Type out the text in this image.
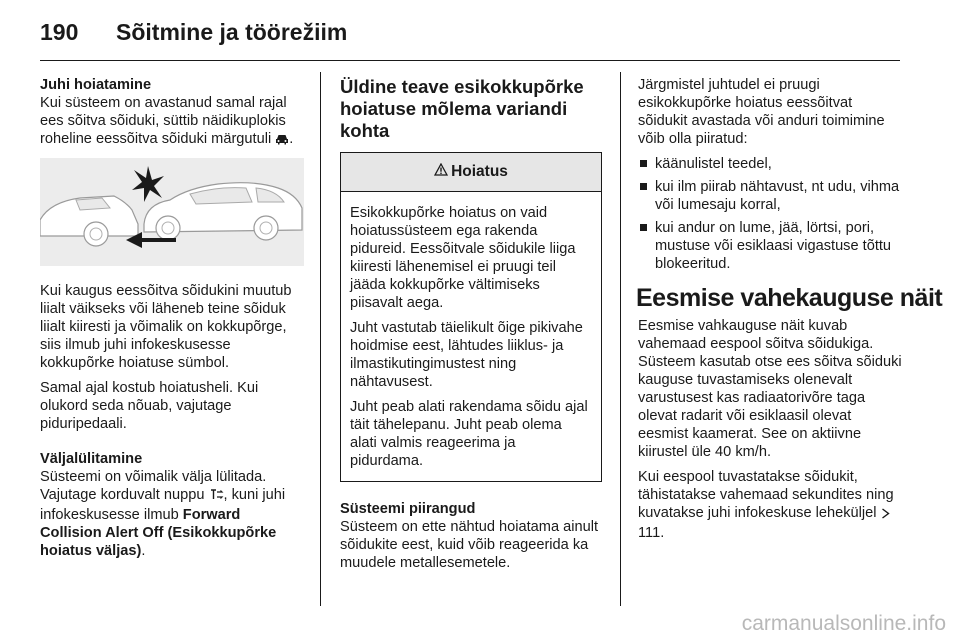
190	Sõitmine ja töörežiim

Juhi hoiatamine

Kui süsteem on avastanud samal rajal ees sõitva sõiduki, süttib näidikuplokis roheline eessõitva sõiduki märgutuli .

Kui kaugus eessõitva sõidukini muutub liialt väikseks või läheneb teine sõiduk liialt kiiresti ja võimalik on kokkupõrge, siis ilmub juhi infokeskusesse kokkupõrke hoiatuse sümbol.

Samal ajal kostub hoiatusheli. Kui olukord seda nõuab, vajutage piduripedaali.

Väljalülitamine

Süsteemi on võimalik välja lülitada. Vajutage korduvalt nuppu , kuni juhi infokeskusesse ilmub Forward Collision Alert Off (Esikokkupõrke hoiatus väljas).

Üldine teave esikokkupõrke hoiatuse mõlema variandi kohta
Hoiatus

Esikokkupõrke hoiatus on vaid hoiatussüsteem ega rakenda pidureid. Eessõitvale sõidukile liiga kiiresti lähenemisel ei pruugi teil jääda kokkupõrke vältimiseks piisavalt aega.

Juht vastutab täielikult õige pikivahe hoidmise eest, lähtudes liiklus- ja ilmastikutingimustest ning nähtavusest.

Juht peab alati rakendama sõidu ajal täit tähelepanu. Juht peab olema alati valmis reageerima ja pidurdama.

Süsteemi piirangud

Süsteem on ette nähtud hoiatama ainult sõidukite eest, kuid võib reageerida ka muudele metallesemetele.

Järgmistel juhtudel ei pruugi esikokkupõrke hoiatus eessõitvat sõidukit avastada või anduri toimimine võib olla piiratud:

käänulistel teedel,
kui ilm piirab nähtavust, nt udu, vihma või lumesaju korral,
kui andur on lume, jää, lörtsi, pori, mustuse või esiklaasi vigastuse tõttu blokeeritud.
Eesmise vahekauguse näit

Eesmise vahkauguse näit kuvab vahemaad eespool sõitva sõidukiga. Süsteem kasutab otse ees sõitva sõiduki kauguse tuvastamiseks olenevalt varustusest kas radiaatorivõre taga olevat radarit või esiklaasil olevat eesmist kaamerat. See on aktiivne kiirustel üle 40 km/h.

Kui eespool tuvastatakse sõidukit, tähistatakse vahemaad sekundites ning kuvatakse juhi infokeskuse leheküljel 111.

carmanualsonline.info
